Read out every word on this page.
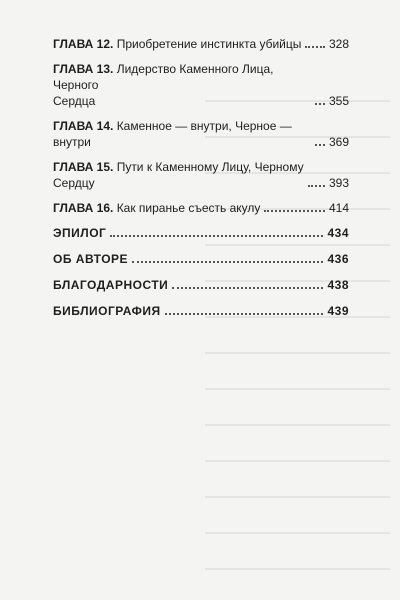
ГЛАВА 12. Приобретение инстинкта убийцы 328
ГЛАВА 13. Лидерство Каменного Лица, Черного
Сердца	355
ГЛАВА 14. Каменное — внутри, Черное — внутри	369
ГЛАВА 15. Пути к Каменному Лицу, Черному
Сердцу	393
ГЛАВА 16. Как пиранье съесть акулу	414
ЭПИЛОГ	434
ОБ АВТОРЕ	436
БЛАГОДАРНОСТИ	438
БИБЛИОГРАФИЯ	439
